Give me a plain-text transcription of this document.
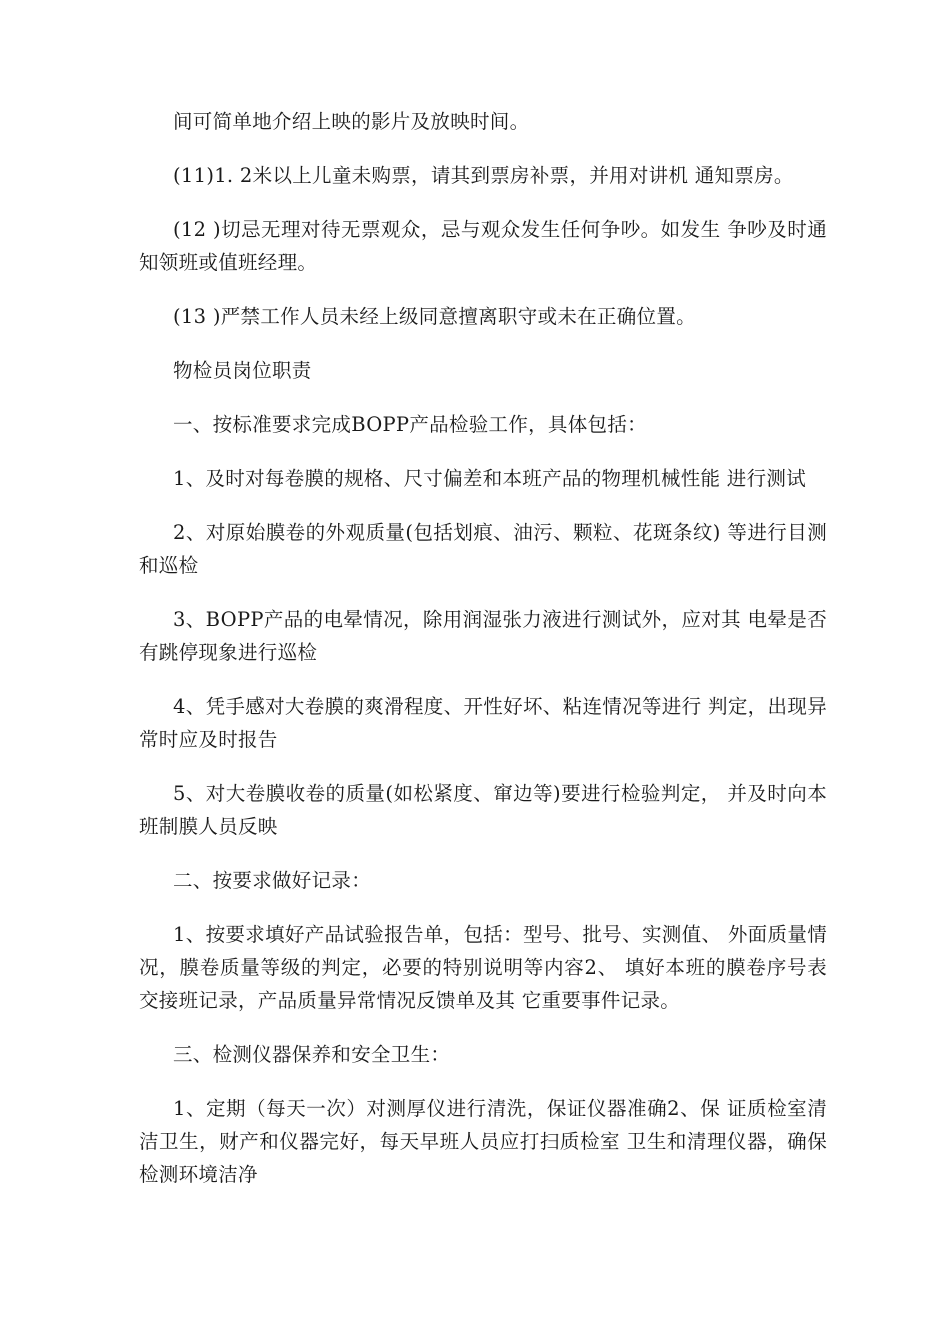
间可简单地介绍上映的影片及放映时间。

(11)1. 2米以上儿童未购票，请其到票房补票，并用对讲机 通知票房。

(12 )切忌无理对待无票观众，忌与观众发生任何争吵。如发生 争吵及时通知领班或值班经理。

(13 )严禁工作人员未经上级同意擅离职守或未在正确位置。

物检员岗位职责

一、按标准要求完成BOPP产品检验工作，具体包括：

1、及时对每卷膜的规格、尺寸偏差和本班产品的物理机械性能 进行测试

2、对原始膜卷的外观质量(包括划痕、油污、颗粒、花斑条纹) 等进行目测和巡检

3、BOPP产品的电晕情况，除用润湿张力液进行测试外，应对其 电晕是否有跳停现象进行巡检

4、凭手感对大卷膜的爽滑程度、开性好坏、粘连情况等进行 判定，出现异常时应及时报告

5、对大卷膜收卷的质量(如松紧度、窜边等)要进行检验判定， 并及时向本班制膜人员反映

二、按要求做好记录：

1、按要求填好产品试验报告单，包括：型号、批号、实测值、 外面质量情况，膜卷质量等级的判定，必要的特别说明等内容2、 填好本班的膜卷序号表交接班记录，产品质量异常情况反馈单及其 它重要事件记录。

三、检测仪器保养和安全卫生：

1、定期（每天一次）对测厚仪进行清洗，保证仪器准确2、保 证质检室清洁卫生，财产和仪器完好，每天早班人员应打扫质检室 卫生和清理仪器，确保检测环境洁净
